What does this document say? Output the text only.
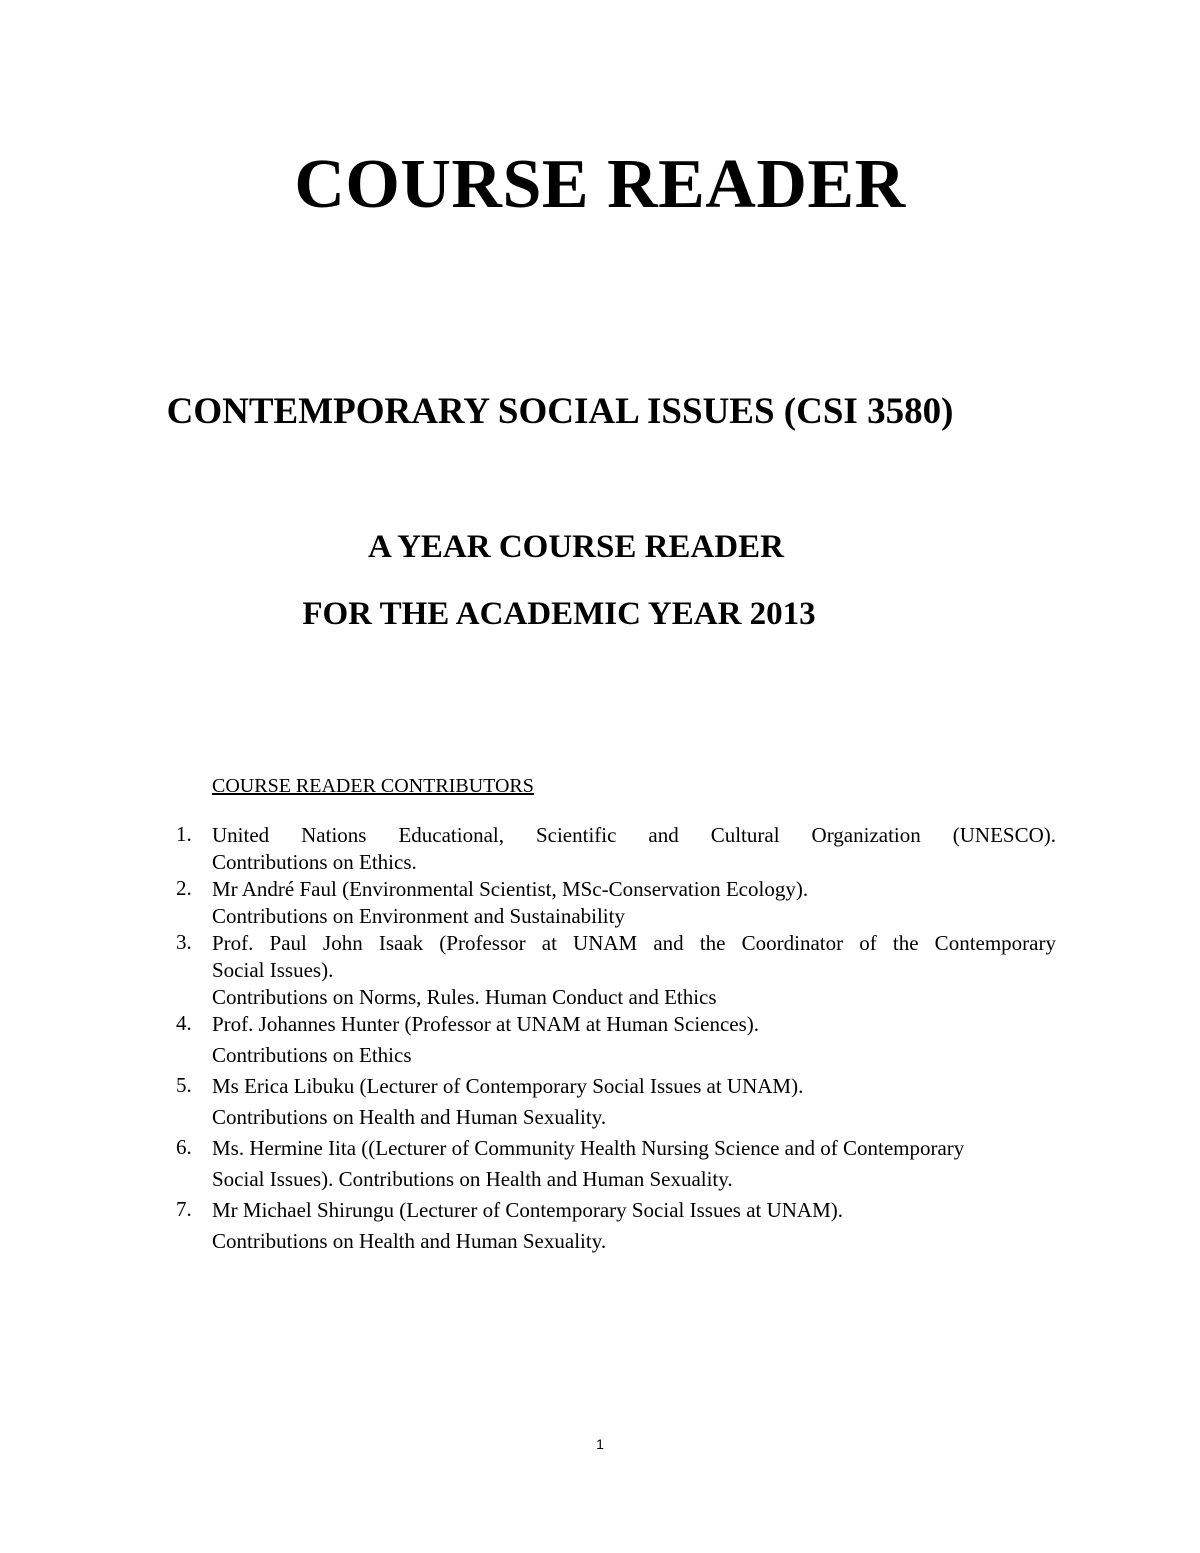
COURSE READER
CONTEMPORARY SOCIAL ISSUES (CSI 3580)
A YEAR COURSE READER
FOR THE ACADEMIC YEAR 2013
COURSE READER CONTRIBUTORS
1. United Nations Educational, Scientific and Cultural Organization (UNESCO).
Contributions on Ethics.
2. Mr André Faul (Environmental Scientist, MSc-Conservation Ecology).
Contributions on Environment and Sustainability
3. Prof. Paul John Isaak (Professor at UNAM and the Coordinator of the Contemporary
Social Issues).
Contributions on Norms, Rules. Human Conduct and Ethics
4. Prof. Johannes Hunter (Professor at UNAM at Human Sciences).
Contributions on Ethics
5. Ms Erica Libuku (Lecturer of Contemporary Social Issues at UNAM).
Contributions on Health and Human Sexuality.
6. Ms. Hermine Iita ((Lecturer of Community Health Nursing Science and of Contemporary
Social Issues). Contributions on Health and Human Sexuality.
7. Mr Michael Shirungu (Lecturer of Contemporary Social Issues at UNAM).
Contributions on Health and Human Sexuality.
1
